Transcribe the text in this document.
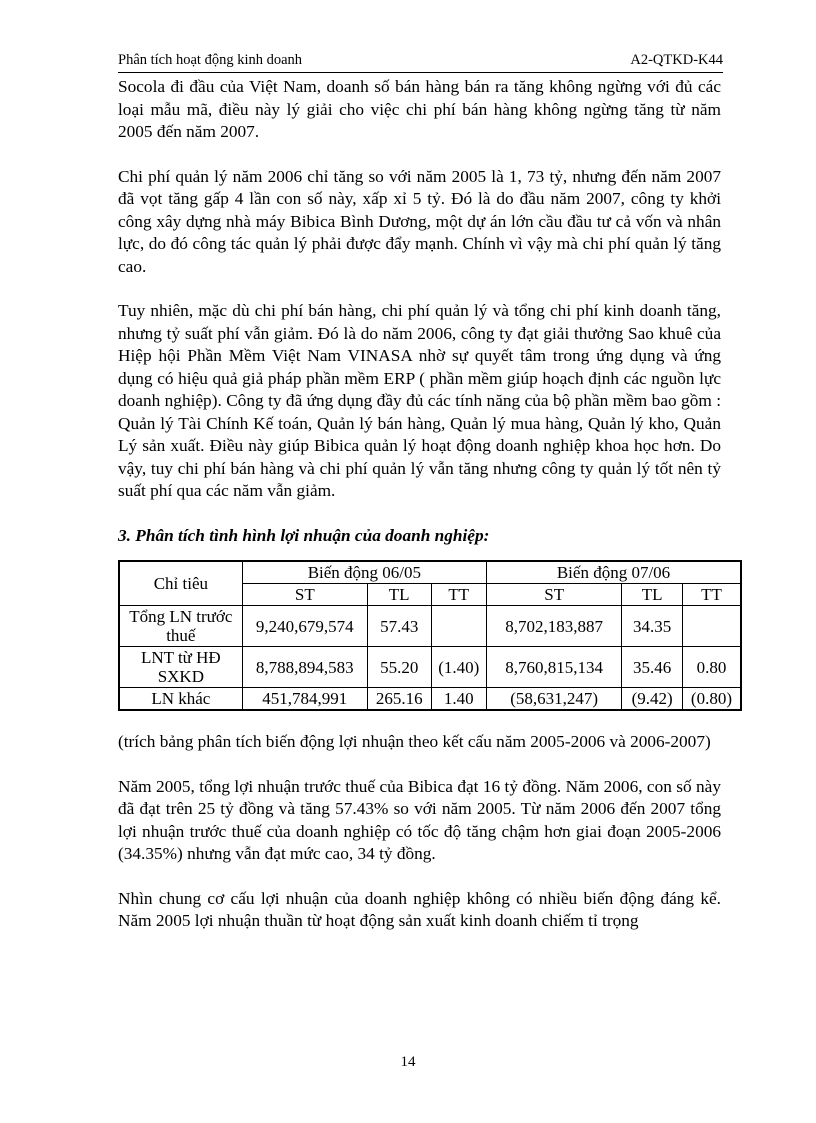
Phân tích hoạt động kinh doanh	A2-QTKD-K44

Socola đi đầu của Việt Nam, doanh số bán hàng bán ra tăng không ngừng với đủ các loại mẫu mã, điều này lý giải cho việc chi phí bán hàng không ngừng tăng từ năm 2005 đến năm 2007.

Chi phí quản lý năm 2006 chỉ tăng so với năm 2005 là 1, 73 tỷ, nhưng đến năm 2007 đã vọt tăng gấp 4 lần con số này, xấp xỉ 5 tỷ. Đó là do đầu năm 2007, công ty khởi công xây dựng nhà máy Bibica Bình Dương, một dự án lớn cầu đầu tư cả vốn và nhân lực, do đó công tác quản lý phải được đẩy mạnh. Chính vì vậy mà chi phí quản lý tăng cao.

Tuy nhiên, mặc dù chi phí bán hàng, chi phí quản lý và tổng chi phí kinh doanh tăng, nhưng tỷ suất phí vẫn giảm. Đó là do năm 2006, công ty đạt giải thưởng Sao khuê của Hiệp hội Phần Mềm Việt Nam VINASA nhờ sự quyết tâm trong ứng dụng và ứng dụng có hiệu quả giả pháp phần mềm ERP ( phần mềm giúp hoạch định các nguồn lực doanh nghiệp). Công ty đã ứng dụng đầy đủ các tính năng của bộ phần mềm bao gồm : Quản lý Tài Chính Kế toán, Quản lý bán hàng, Quản lý mua hàng, Quản lý kho, Quản Lý sản xuất. Điều này giúp Bibica quản lý hoạt động doanh nghiệp khoa học hơn. Do vậy, tuy chi phí bán hàng và chi phí quản lý vẫn tăng nhưng công ty quản lý tốt nên tỷ suất phí qua các năm vẫn giảm.

3. Phân tích tình hình lợi nhuận của doanh nghiệp:
Chỉ tiêu	Biến động 06/05			Biến động 07/06		
	ST	TL	TT	ST	TL	TT
Tổng LN trước thuế	9,240,679,574	57.43		8,702,183,887	34.35	
LNT từ HĐ SXKD	8,788,894,583	55.20	(1.40)	8,760,815,134	35.46	0.80
LN khác	451,784,991	265.16	1.40	(58,631,247)	(9.42)	(0.80)

(trích bảng phân tích biến động lợi nhuận theo kết cấu năm 2005-2006 và 2006-2007)

Năm 2005, tổng lợi nhuận trước thuế của Bibica đạt 16 tỷ đồng. Năm 2006, con số này đã đạt trên 25 tỷ đồng và tăng 57.43% so với năm 2005. Từ năm 2006 đến 2007 tổng lợi nhuận trước thuế của doanh nghiệp có tốc độ tăng chậm hơn giai đoạn 2005-2006 (34.35%) nhưng vẫn đạt mức cao, 34 tỷ đồng.

Nhìn chung cơ cấu lợi nhuận của doanh nghiệp không có nhiều biến động đáng kể. Năm 2005 lợi nhuận thuần từ hoạt động sản xuất kinh doanh chiếm tỉ trọng

14
